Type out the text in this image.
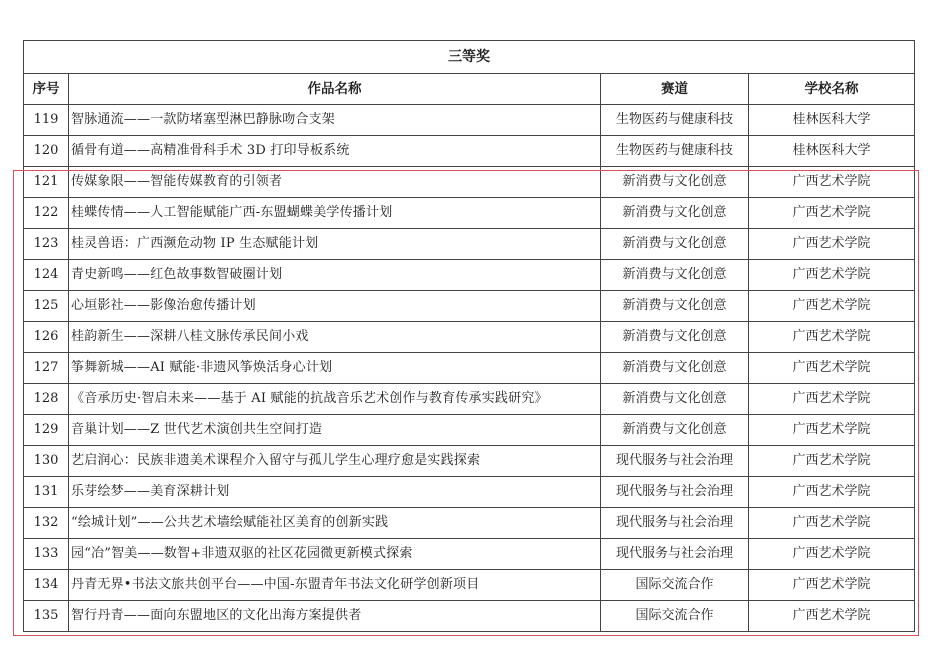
三等奖			
序号	作品名称	赛道	学校名称
119	智脉通流——一款防堵塞型淋巴静脉吻合支架	生物医药与健康科技	桂林医科大学
120	循骨有道——高精准骨科手术 3D 打印导板系统	生物医药与健康科技	桂林医科大学
121	传媒象限——智能传媒教育的引领者	新消费与文化创意	广西艺术学院
122	桂蝶传情——人工智能赋能广西-东盟蝴蝶美学传播计划	新消费与文化创意	广西艺术学院
123	桂灵兽语：广西濒危动物 IP 生态赋能计划	新消费与文化创意	广西艺术学院
124	青史新鸣——红色故事数智破圈计划	新消费与文化创意	广西艺术学院
125	心垣影社——影像治愈传播计划	新消费与文化创意	广西艺术学院
126	桂韵新生——深耕八桂文脉传承民间小戏	新消费与文化创意	广西艺术学院
127	筝舞新城——AI 赋能·非遗风筝焕活身心计划	新消费与文化创意	广西艺术学院
128	《音承历史·智启未来——基于 AI 赋能的抗战音乐艺术创作与教育传承实践研究》	新消费与文化创意	广西艺术学院
129	音巢计划——Z 世代艺术演创共生空间打造	新消费与文化创意	广西艺术学院
130	艺启润心：民族非遗美术课程介入留守与孤儿学生心理疗愈是实践探索	现代服务与社会治理	广西艺术学院
131	乐芽绘梦——美育深耕计划	现代服务与社会治理	广西艺术学院
132	“绘城计划”——公共艺术墙绘赋能社区美育的创新实践	现代服务与社会治理	广西艺术学院
133	园“冶”智美——数智+非遗双驱的社区花园微更新模式探索	现代服务与社会治理	广西艺术学院
134	丹青无界•书法文旅共创平台——中国-东盟青年书法文化研学创新项目	国际交流合作	广西艺术学院
135	智行丹青——面向东盟地区的文化出海方案提供者	国际交流合作	广西艺术学院
